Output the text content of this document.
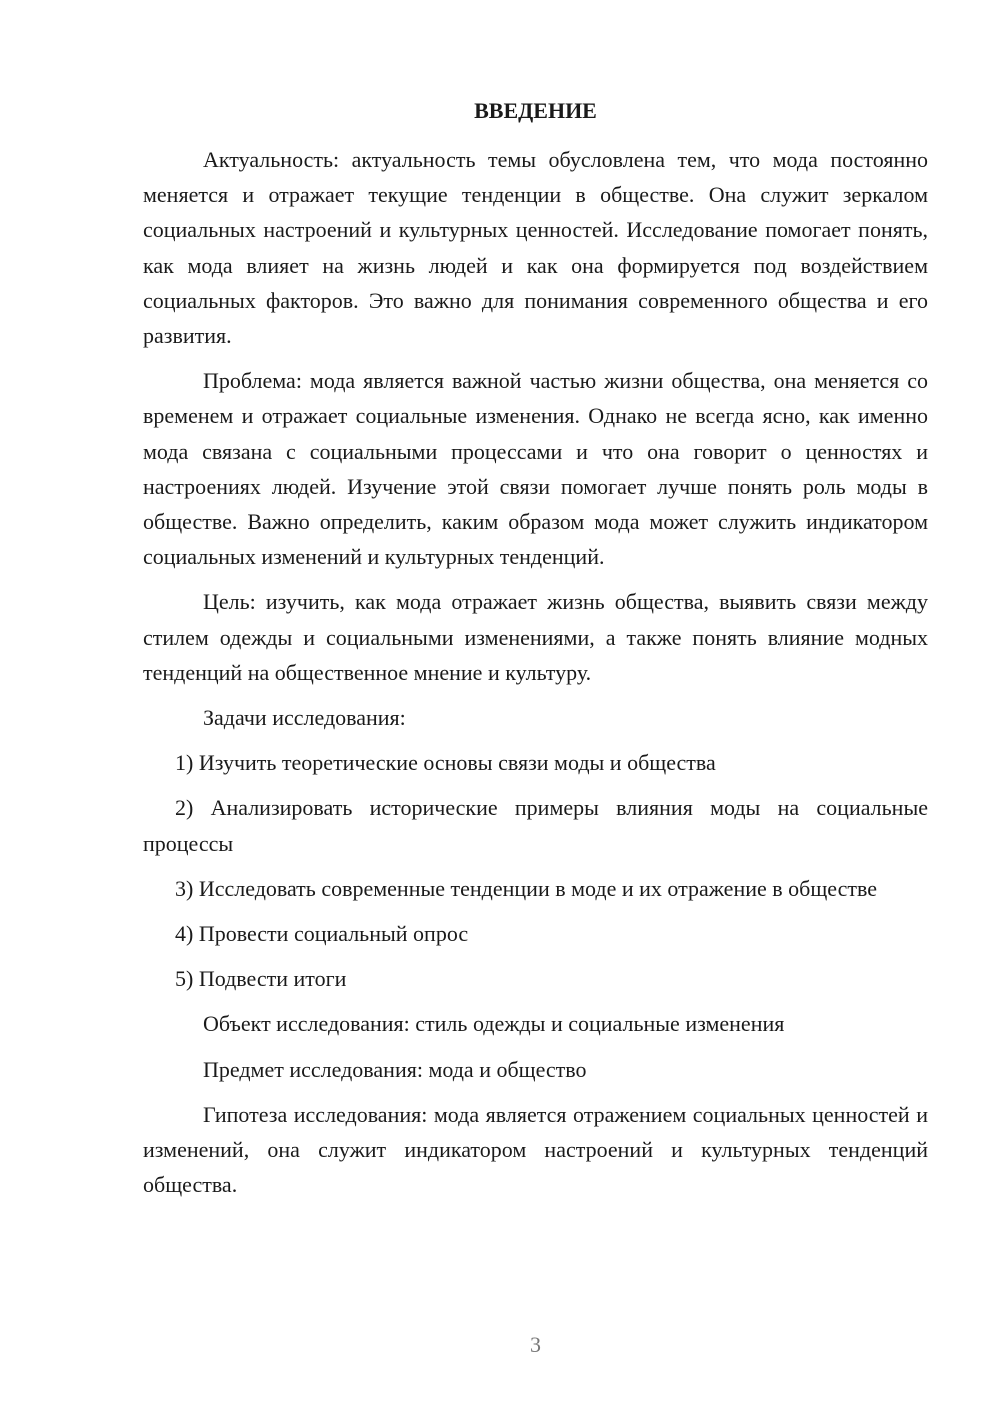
ВВЕДЕНИЕ

Актуальность: актуальность темы обусловлена тем, что мода постоянно меняется и отражает текущие тенденции в обществе. Она служит зеркалом социальных настроений и культурных ценностей. Исследование помогает понять, как мода влияет на жизнь людей и как она формируется под воздействием социальных факторов. Это важно для понимания современного общества и его развития.

Проблема: мода является важной частью жизни общества, она меняется со временем и отражает социальные изменения. Однако не всегда ясно, как именно мода связана с социальными процессами и что она говорит о ценностях и настроениях людей. Изучение этой связи помогает лучше понять роль моды в обществе. Важно определить, каким образом мода может служить индикатором социальных изменений и культурных тенденций.

Цель: изучить, как мода отражает жизнь общества, выявить связи между стилем одежды и социальными изменениями, а также понять влияние модных тенденций на общественное мнение и культуру.

Задачи исследования:

1) Изучить теоретические основы связи моды и общества

2) Анализировать исторические примеры влияния моды на социальные процессы

3) Исследовать современные тенденции в моде и их отражение в обществе

4) Провести социальный опрос

5) Подвести итоги

Объект исследования: стиль одежды и социальные изменения

Предмет исследования: мода и общество

Гипотеза исследования: мода является отражением социальных ценностей и изменений, она служит индикатором настроений и культурных тенденций общества.

3
